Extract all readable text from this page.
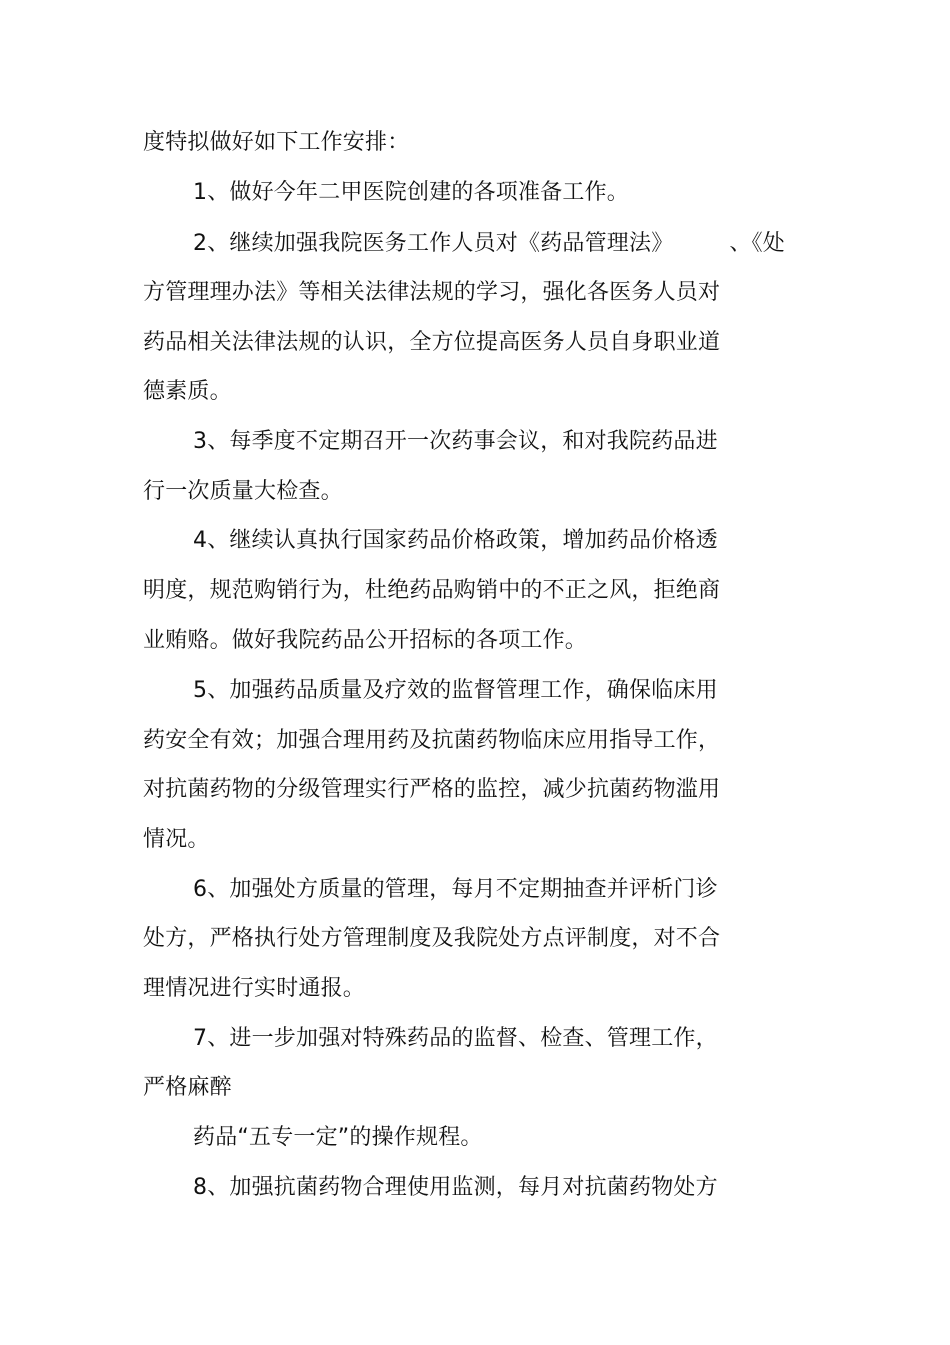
度特拟做好如下工作安排：
1、做好今年二甲医院创建的各项准备工作。
2、继续加强我院医务工作人员对《药品管理法》	、《处
方管理理办法》等相关法律法规的学习，强化各医务人员对
药品相关法律法规的认识，全方位提高医务人员自身职业道
德素质。
3、每季度不定期召开一次药事会议，和对我院药品进
行一次质量大检查。
4、继续认真执行国家药品价格政策，增加药品价格透
明度，规范购销行为，杜绝药品购销中的不正之风，拒绝商
业贿赂。做好我院药品公开招标的各项工作。
5、加强药品质量及疗效的监督管理工作，确保临床用
药安全有效；加强合理用药及抗菌药物临床应用指导工作，
对抗菌药物的分级管理实行严格的监控，减少抗菌药物滥用
情况。
6、加强处方质量的管理，每月不定期抽查并评析门诊
处方，严格执行处方管理制度及我院处方点评制度，对不合
理情况进行实时通报。
7、进一步加强对特殊药品的监督、检查、管理工作，
严格麻醉
药品“五专一定”的操作规程。
8、加强抗菌药物合理使用监测，每月对抗菌药物处方
